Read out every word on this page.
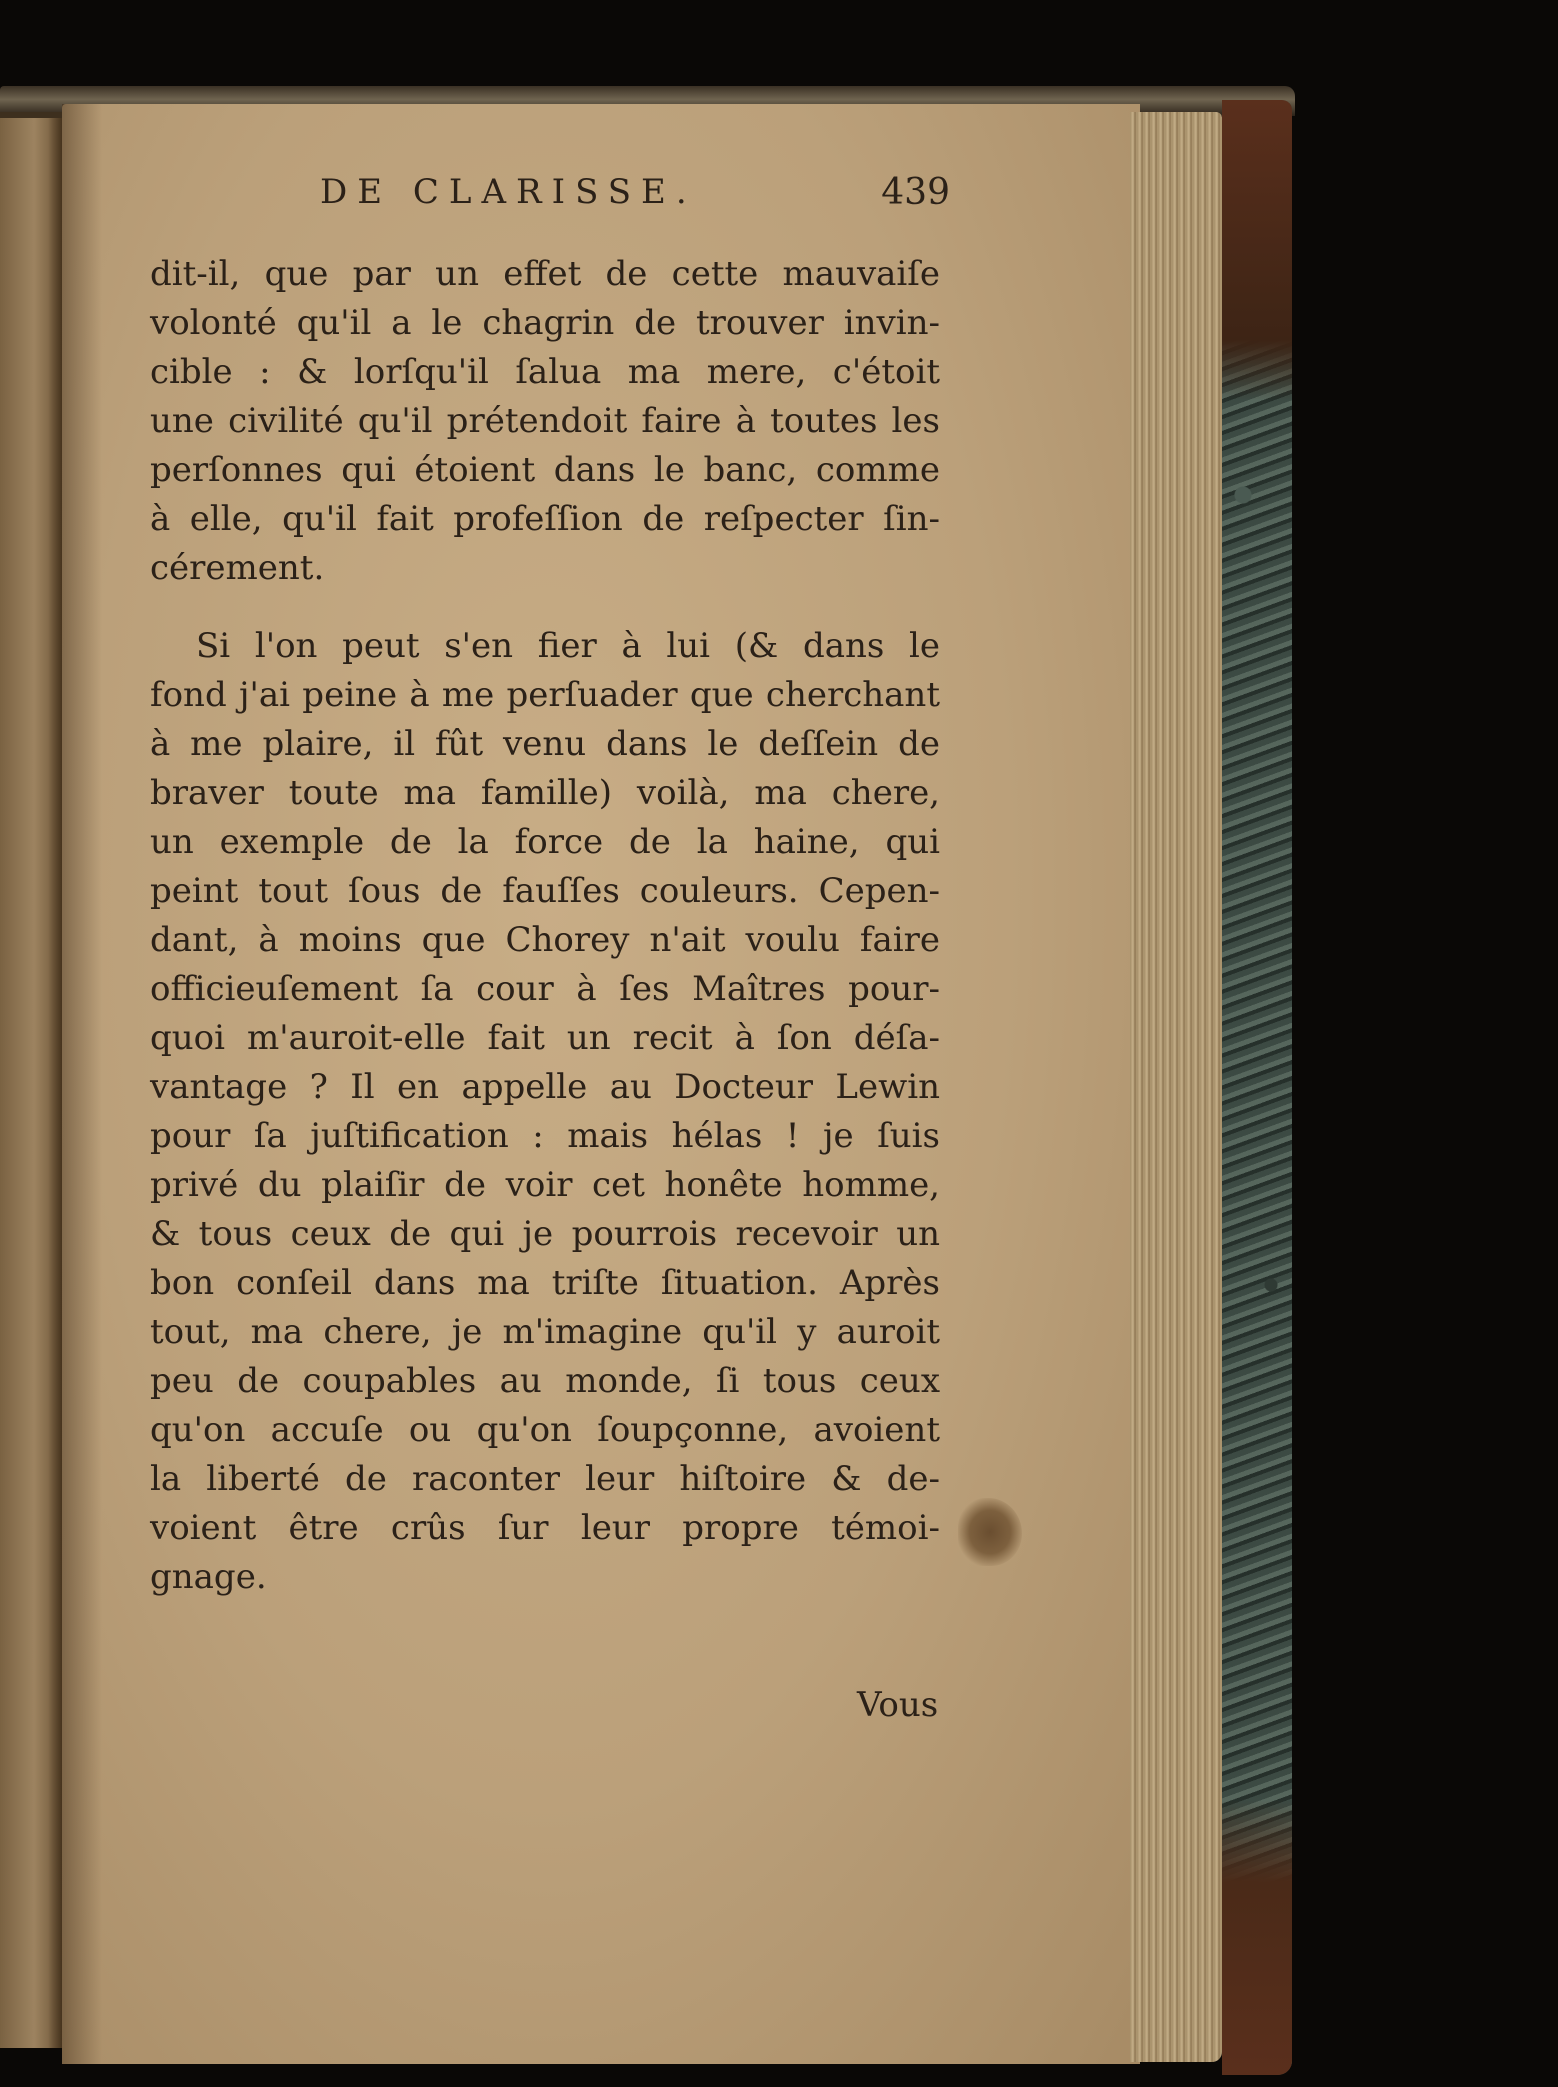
DE CLARISSE.	439
dit-il, que par un effet de cette mauvaiſe
volonté qu'il a le chagrin de trouver invin-
cible : & lorſqu'il ſalua ma mere, c'étoit
une civilité qu'il prétendoit faire à toutes les
perſonnes qui étoient dans le banc, comme
à elle, qu'il fait profeſſion de reſpecter ſin-
cérement.
Si l'on peut s'en fier à lui (& dans le
fond j'ai peine à me perſuader que cherchant
à me plaire, il fût venu dans le deſſein de
braver toute ma famille) voilà, ma chere,
un exemple de la force de la haine, qui
peint tout ſous de fauſſes couleurs. Cepen-
dant, à moins que Chorey n'ait voulu faire
officieuſement ſa cour à ſes Maîtres pour-
quoi m'auroit-elle fait un recit à ſon déſa-
vantage ? Il en appelle au Docteur Lewin
pour ſa juſtification : mais hélas ! je ſuis
privé du plaiſir de voir cet honête homme,
& tous ceux de qui je pourrois recevoir un
bon conſeil dans ma triſte ſituation. Après
tout, ma chere, je m'imagine qu'il y auroit
peu de coupables au monde, ſi tous ceux
qu'on accuſe ou qu'on ſoupçonne, avoient
la liberté de raconter leur hiſtoire & de-
voient être crûs ſur leur propre témoi-
gnage.
Vous
